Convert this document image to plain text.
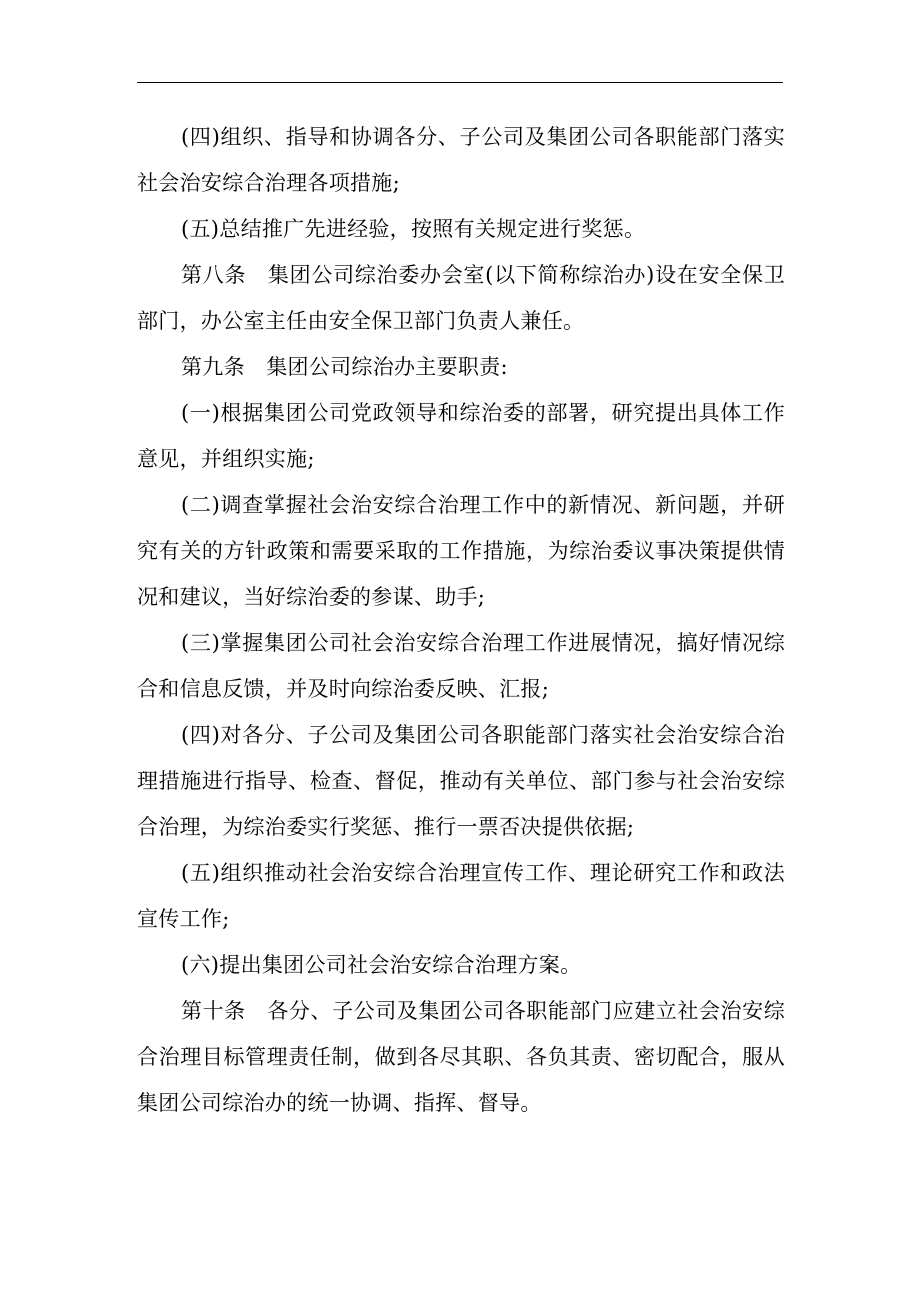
(四)组织、指导和协调各分、子公司及集团公司各职能部门落实社会治安综合治理各项措施;

(五)总结推广先进经验，按照有关规定进行奖惩。

第八条　集团公司综治委办会室(以下简称综治办)设在安全保卫部门，办公室主任由安全保卫部门负责人兼任。

第九条　集团公司综治办主要职责:

(一)根据集团公司党政领导和综治委的部署，研究提出具体工作意见，并组织实施;

(二)调查掌握社会治安综合治理工作中的新情况、新问题，并研究有关的方针政策和需要采取的工作措施，为综治委议事决策提供情况和建议，当好综治委的参谋、助手;

(三)掌握集团公司社会治安综合治理工作进展情况，搞好情况综合和信息反馈，并及时向综治委反映、汇报;

(四)对各分、子公司及集团公司各职能部门落实社会治安综合治理措施进行指导、检查、督促，推动有关单位、部门参与社会治安综合治理，为综治委实行奖惩、推行一票否决提供依据;

(五)组织推动社会治安综合治理宣传工作、理论研究工作和政法宣传工作;

(六)提出集团公司社会治安综合治理方案。

第十条　各分、子公司及集团公司各职能部门应建立社会治安综合治理目标管理责任制，做到各尽其职、各负其责、密切配合，服从集团公司综治办的统一协调、指挥、督导。
